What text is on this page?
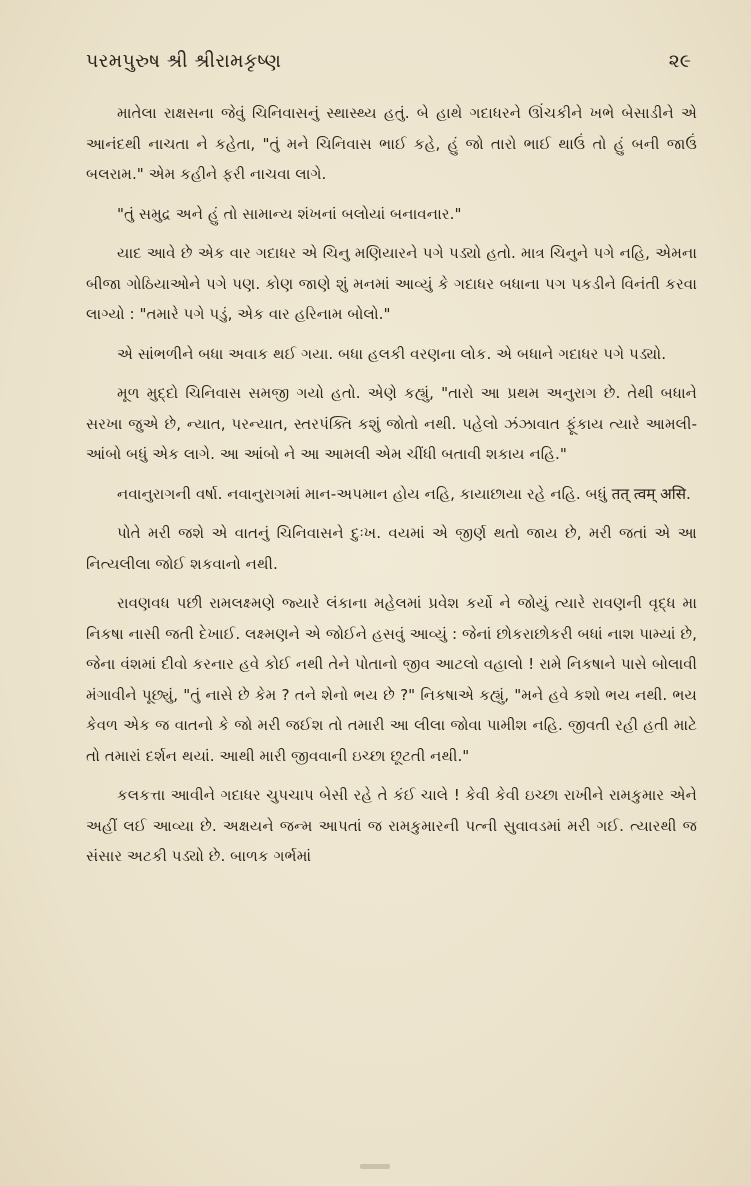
પરમપુરુષ શ્રી શ્રીરામકૃષ્ણ	૨૯

માતેલા રાક્ષસના જેવું ચિનિવાસનું સ્થાસ્થ્ય હતું. બે હાથે ગદાધરને ઊંચકીને ખભે બેસાડીને એ આનંદથી નાચતા ને કહેતા, "તું મને ચિનિવાસ ભાઈ કહે, હું જો તારો ભાઈ થાઉં તો હું બની જાઉં બલરામ." એમ કહીને ફરી નાચવા લાગે.

"તું સમુદ્ર અને હું તો સામાન્ય શંખનાં બલોયાં બનાવનાર."

યાદ આવે છે એક વાર ગદાધર એ ચિનુ મણિયારને પગે પડ્યો હતો. માત્ર ચિનુને પગે નહિ, એમના બીજા ગોઠિયાઓને પગે પણ. કોણ જાણે શું મનમાં આવ્યું કે ગદાધર બધાના પગ પકડીને વિનંતી કરવા લાગ્યો : "તમારે પગે પડું, એક વાર હરિનામ બોલો."

એ સાંભળીને બધા અવાક થઈ ગયા. બધા હલકી વરણના લોક. એ બધાને ગદાધર પગે પડ્યો.

મૂળ મુદ્દો ચિનિવાસ સમજી ગયો હતો. એણે કહ્યું, "તારો આ પ્રથમ અનુરાગ છે. તેથી બધાને સરખા જુએ છે, ન્યાત, પરન્યાત, સ્તરપંક્તિ કશું જોતો નથી. પહેલો ઝંઝાવાત ફૂંકાય ત્યારે આમલી-આંબો બધું એક લાગે. આ આંબો ને આ આમલી એમ ચીંધી બતાવી શકાય નહિ."

નવાનુરાગની વર્ષા. નવાનુરાગમાં માન-અપમાન હોય નહિ, કાયાછાયા રહે નહિ. બધું तत् त्वम् असि.

પોતે મરી જશે એ વાતનું ચિનિવાસને દુઃખ. વયમાં એ જીર્ણ થતો જાય છે, મરી જતાં એ આ નિત્યલીલા જોઈ શકવાનો નથી.

રાવણવધ પછી રામલક્ષ્મણે જ્યારે લંકાના મહેલમાં પ્રવેશ કર્યો ને જોયું ત્યારે રાવણની વૃદ્ધ મા નિકષા નાસી જતી દેખાઈ. લક્ષ્મણને એ જોઈને હસવું આવ્યું : જેનાં છોકરાછોકરી બધાં નાશ પામ્યાં છે, જેના વંશમાં દીવો કરનાર હવે કોઈ નથી તેને પોતાનો જીવ આટલો વહાલો ! રામે નિકષાને પાસે બોલાવી મંગાવીને પૂછ્યું, "તું નાસે છે કેમ ? તને શેનો ભય છે ?" નિકષાએ કહ્યું, "મને હવે કશો ભય નથી. ભય કેવળ એક જ વાતનો કે જો મરી જઈશ તો તમારી આ લીલા જોવા પામીશ નહિ. જીવતી રહી હતી માટે તો તમારાં દર્શન થયાં. આથી મારી જીવવાની ઇચ્છા છૂટતી નથી."

કલકત્તા આવીને ગદાધર ચુપચાપ બેસી રહે તે કંઈ ચાલે ! કેવી કેવી ઇચ્છા રાખીને રામકુમાર એને અહીં લઈ આવ્યા છે. અક્ષયને જન્મ આપતાં જ રામકુમારની પત્ની સુવાવડમાં મરી ગઈ. ત્યારથી જ સંસાર અટકી પડ્યો છે. બાળક ગર્ભમાં
